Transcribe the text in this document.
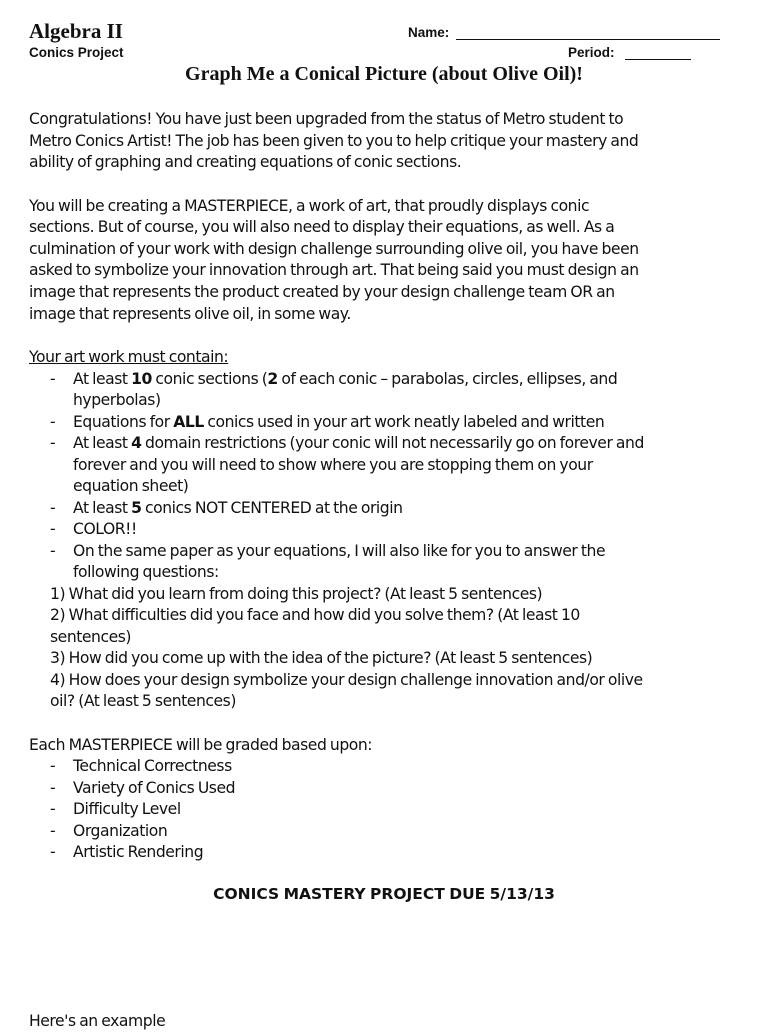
Algebra II
Conics Project
Name:
Period:
Graph Me a Conical Picture (about Olive Oil)!
Congratulations! You have just been upgraded from the status of Metro student to
Metro Conics Artist! The job has been given to you to help critique your mastery and
ability of graphing and creating equations of conic sections.
You will be creating a MASTERPIECE, a work of art, that proudly displays conic
sections. But of course, you will also need to display their equations, as well. As a
culmination of your work with design challenge surrounding olive oil, you have been
asked to symbolize your innovation through art. That being said you must design an
image that represents the product created by your design challenge team OR an
image that represents olive oil, in some way.
Your art work must contain:
- At least 10 conic sections (2 of each conic – parabolas, circles, ellipses, and
hyperbolas)
- Equations for ALL conics used in your art work neatly labeled and written
- At least 4 domain restrictions (your conic will not necessarily go on forever and
forever and you will need to show where you are stopping them on your
equation sheet)
- At least 5 conics NOT CENTERED at the origin
- COLOR!!
- On the same paper as your equations, I will also like for you to answer the
following questions:
1) What did you learn from doing this project? (At least 5 sentences)
2) What difficulties did you face and how did you solve them? (At least 10
sentences)
3) How did you come up with the idea of the picture? (At least 5 sentences)
4) How does your design symbolize your design challenge innovation and/or olive
oil? (At least 5 sentences)
Each MASTERPIECE will be graded based upon:
- Technical Correctness
- Variety of Conics Used
- Difficulty Level
- Organization
- Artistic Rendering
CONICS MASTERY PROJECT DUE 5/13/13
Here's an example
